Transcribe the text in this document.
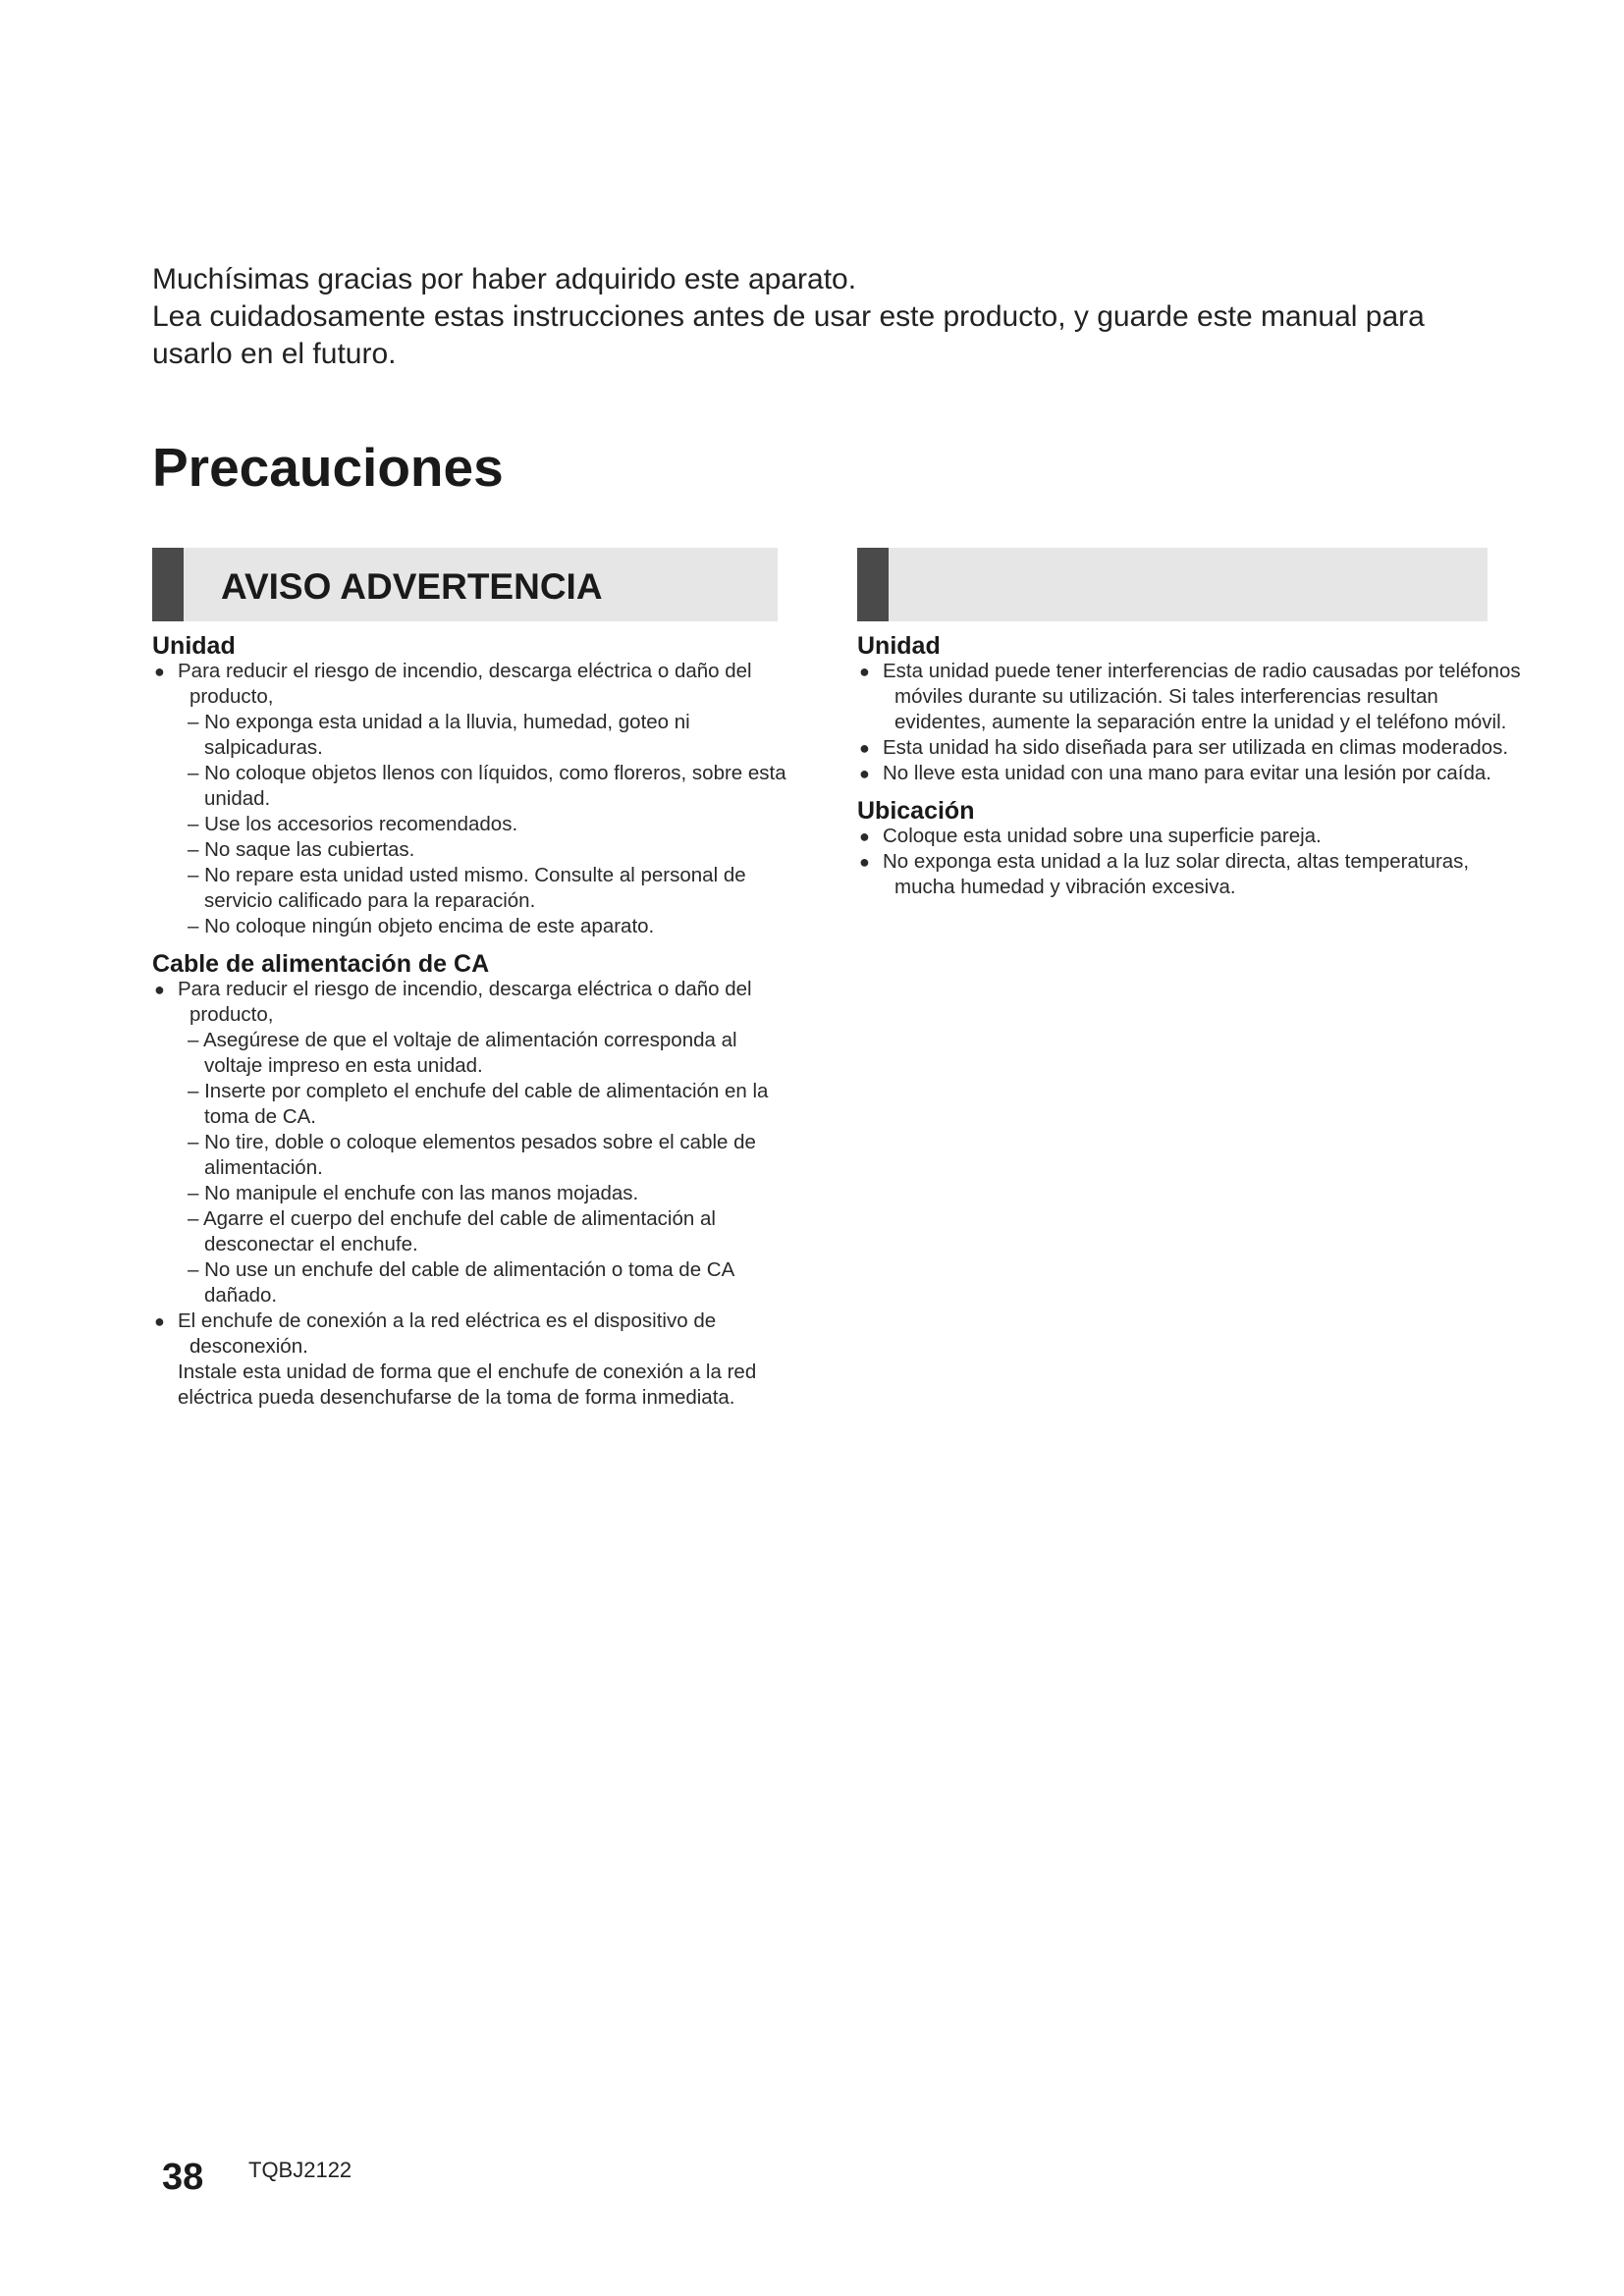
Muchísimas gracias por haber adquirido este aparato.

Lea cuidadosamente estas instrucciones antes de usar este producto, y guarde este manual para usarlo en el futuro.

Precauciones
AVISO ADVERTENCIA
Unidad
● Para reducir el riesgo de incendio, descarga eléctrica o daño del producto,
– No exponga esta unidad a la lluvia, humedad, goteo ni salpicaduras.
– No coloque objetos llenos con líquidos, como floreros, sobre esta unidad.
– Use los accesorios recomendados.
– No saque las cubiertas.
– No repare esta unidad usted mismo. Consulte al personal de servicio calificado para la reparación.
– No coloque ningún objeto encima de este aparato.
Cable de alimentación de CA
● Para reducir el riesgo de incendio, descarga eléctrica o daño del producto,
– Asegúrese de que el voltaje de alimentación corresponda al voltaje impreso en esta unidad.
– Inserte por completo el enchufe del cable de alimentación en la toma de CA.
– No tire, doble o coloque elementos pesados sobre el cable de alimentación.
– No manipule el enchufe con las manos mojadas.
– Agarre el cuerpo del enchufe del cable de alimentación al desconectar el enchufe.
– No use un enchufe del cable de alimentación o toma de CA dañado.
● El enchufe de conexión a la red eléctrica es el dispositivo de desconexión.
Instale esta unidad de forma que el enchufe de conexión a la red eléctrica pueda desenchufarse de la toma de forma inmediata.
Unidad
● Esta unidad puede tener interferencias de radio causadas por teléfonos móviles durante su utilización. Si tales interferencias resultan evidentes, aumente la separación entre la unidad y el teléfono móvil.
● Esta unidad ha sido diseñada para ser utilizada en climas moderados.
● No lleve esta unidad con una mano para evitar una lesión por caída.
Ubicación
● Coloque esta unidad sobre una superficie pareja.
● No exponga esta unidad a la luz solar directa, altas temperaturas, mucha humedad y vibración excesiva.
38 TQBJ2122
